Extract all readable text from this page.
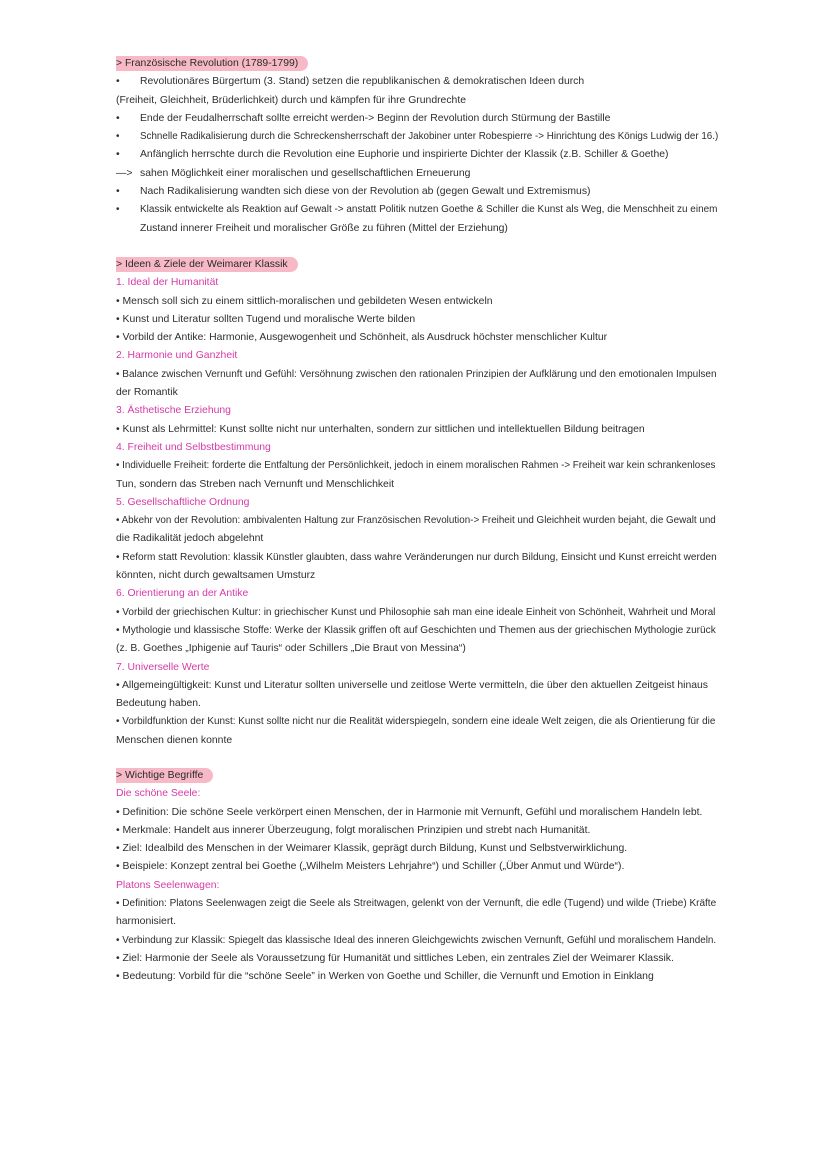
> Französische Revolution (1789-1799)
• Revolutionäres Bürgertum (3. Stand) setzen die republikanischen & demokratischen Ideen durch
(Freiheit, Gleichheit, Brüderlichkeit) durch und kämpfen für ihre Grundrechte
• Ende der Feudalherrschaft sollte erreicht werden-> Beginn der Revolution durch Stürmung der Bastille
• Schnelle Radikalisierung durch die Schreckensherrschaft der Jakobiner unter Robespierre -> Hinrichtung des Königs Ludwig der 16.)
• Anfänglich herrschte durch die Revolution eine Euphorie und inspirierte Dichter der Klassik (z.B. Schiller & Goethe)
—> sahen Möglichkeit einer moralischen und gesellschaftlichen Erneuerung
• Nach Radikalisierung wandten sich diese von der Revolution ab (gegen Gewalt und Extremismus)
• Klassik entwickelte als Reaktion auf Gewalt -> anstatt Politik nutzen Goethe & Schiller die Kunst als Weg, die Menschheit zu einem
Zustand innerer Freiheit und moralischer Größe zu führen (Mittel der Erziehung)
> Ideen & Ziele der Weimarer Klassik
1. Ideal der Humanität
• Mensch soll sich zu einem sittlich-moralischen und gebildeten Wesen entwickeln
• Kunst und Literatur sollten Tugend und moralische Werte bilden
• Vorbild der Antike: Harmonie, Ausgewogenheit und Schönheit, als Ausdruck höchster menschlicher Kultur
2. Harmonie und Ganzheit
• Balance zwischen Vernunft und Gefühl: Versöhnung zwischen den rationalen Prinzipien der Aufklärung und den emotionalen Impulsen
der Romantik
3. Ästhetische Erziehung
• Kunst als Lehrmittel: Kunst sollte nicht nur unterhalten, sondern zur sittlichen und intellektuellen Bildung beitragen
4. Freiheit und Selbstbestimmung
• Individuelle Freiheit: forderte die Entfaltung der Persönlichkeit, jedoch in einem moralischen Rahmen -> Freiheit war kein schrankenloses
Tun, sondern das Streben nach Vernunft und Menschlichkeit
5. Gesellschaftliche Ordnung
• Abkehr von der Revolution: ambivalenten Haltung zur Französischen Revolution-> Freiheit und Gleichheit wurden bejaht, die Gewalt und
die Radikalität jedoch abgelehnt
• Reform statt Revolution: klassik Künstler glaubten, dass wahre Veränderungen nur durch Bildung, Einsicht und Kunst erreicht werden
könnten, nicht durch gewaltsamen Umsturz
6. Orientierung an der Antike
• Vorbild der griechischen Kultur: in griechischer Kunst und Philosophie sah man eine ideale Einheit von Schönheit, Wahrheit und Moral
• Mythologie und klassische Stoffe: Werke der Klassik griffen oft auf Geschichten und Themen aus der griechischen Mythologie zurück
(z. B. Goethes „Iphigenie auf Tauris“ oder Schillers „Die Braut von Messina“)
7. Universelle Werte
• Allgemeingültigkeit: Kunst und Literatur sollten universelle und zeitlose Werte vermitteln, die über den aktuellen Zeitgeist hinaus
Bedeutung haben.
• Vorbildfunktion der Kunst: Kunst sollte nicht nur die Realität widerspiegeln, sondern eine ideale Welt zeigen, die als Orientierung für die
Menschen dienen konnte
> Wichtige Begriffe
Die schöne Seele:
• Definition: Die schöne Seele verkörpert einen Menschen, der in Harmonie mit Vernunft, Gefühl und moralischem Handeln lebt.
• Merkmale: Handelt aus innerer Überzeugung, folgt moralischen Prinzipien und strebt nach Humanität.
• Ziel: Idealbild des Menschen in der Weimarer Klassik, geprägt durch Bildung, Kunst und Selbstverwirklichung.
• Beispiele: Konzept zentral bei Goethe („Wilhelm Meisters Lehrjahre“) und Schiller („Über Anmut und Würde“).
Platons Seelenwagen:
• Definition: Platons Seelenwagen zeigt die Seele als Streitwagen, gelenkt von der Vernunft, die edle (Tugend) und wilde (Triebe) Kräfte
harmonisiert.
• Verbindung zur Klassik: Spiegelt das klassische Ideal des inneren Gleichgewichts zwischen Vernunft, Gefühl und moralischem Handeln.
• Ziel: Harmonie der Seele als Voraussetzung für Humanität und sittliches Leben, ein zentrales Ziel der Weimarer Klassik.
• Bedeutung: Vorbild für die “schöne Seele” in Werken von Goethe und Schiller, die Vernunft und Emotion in Einklang
